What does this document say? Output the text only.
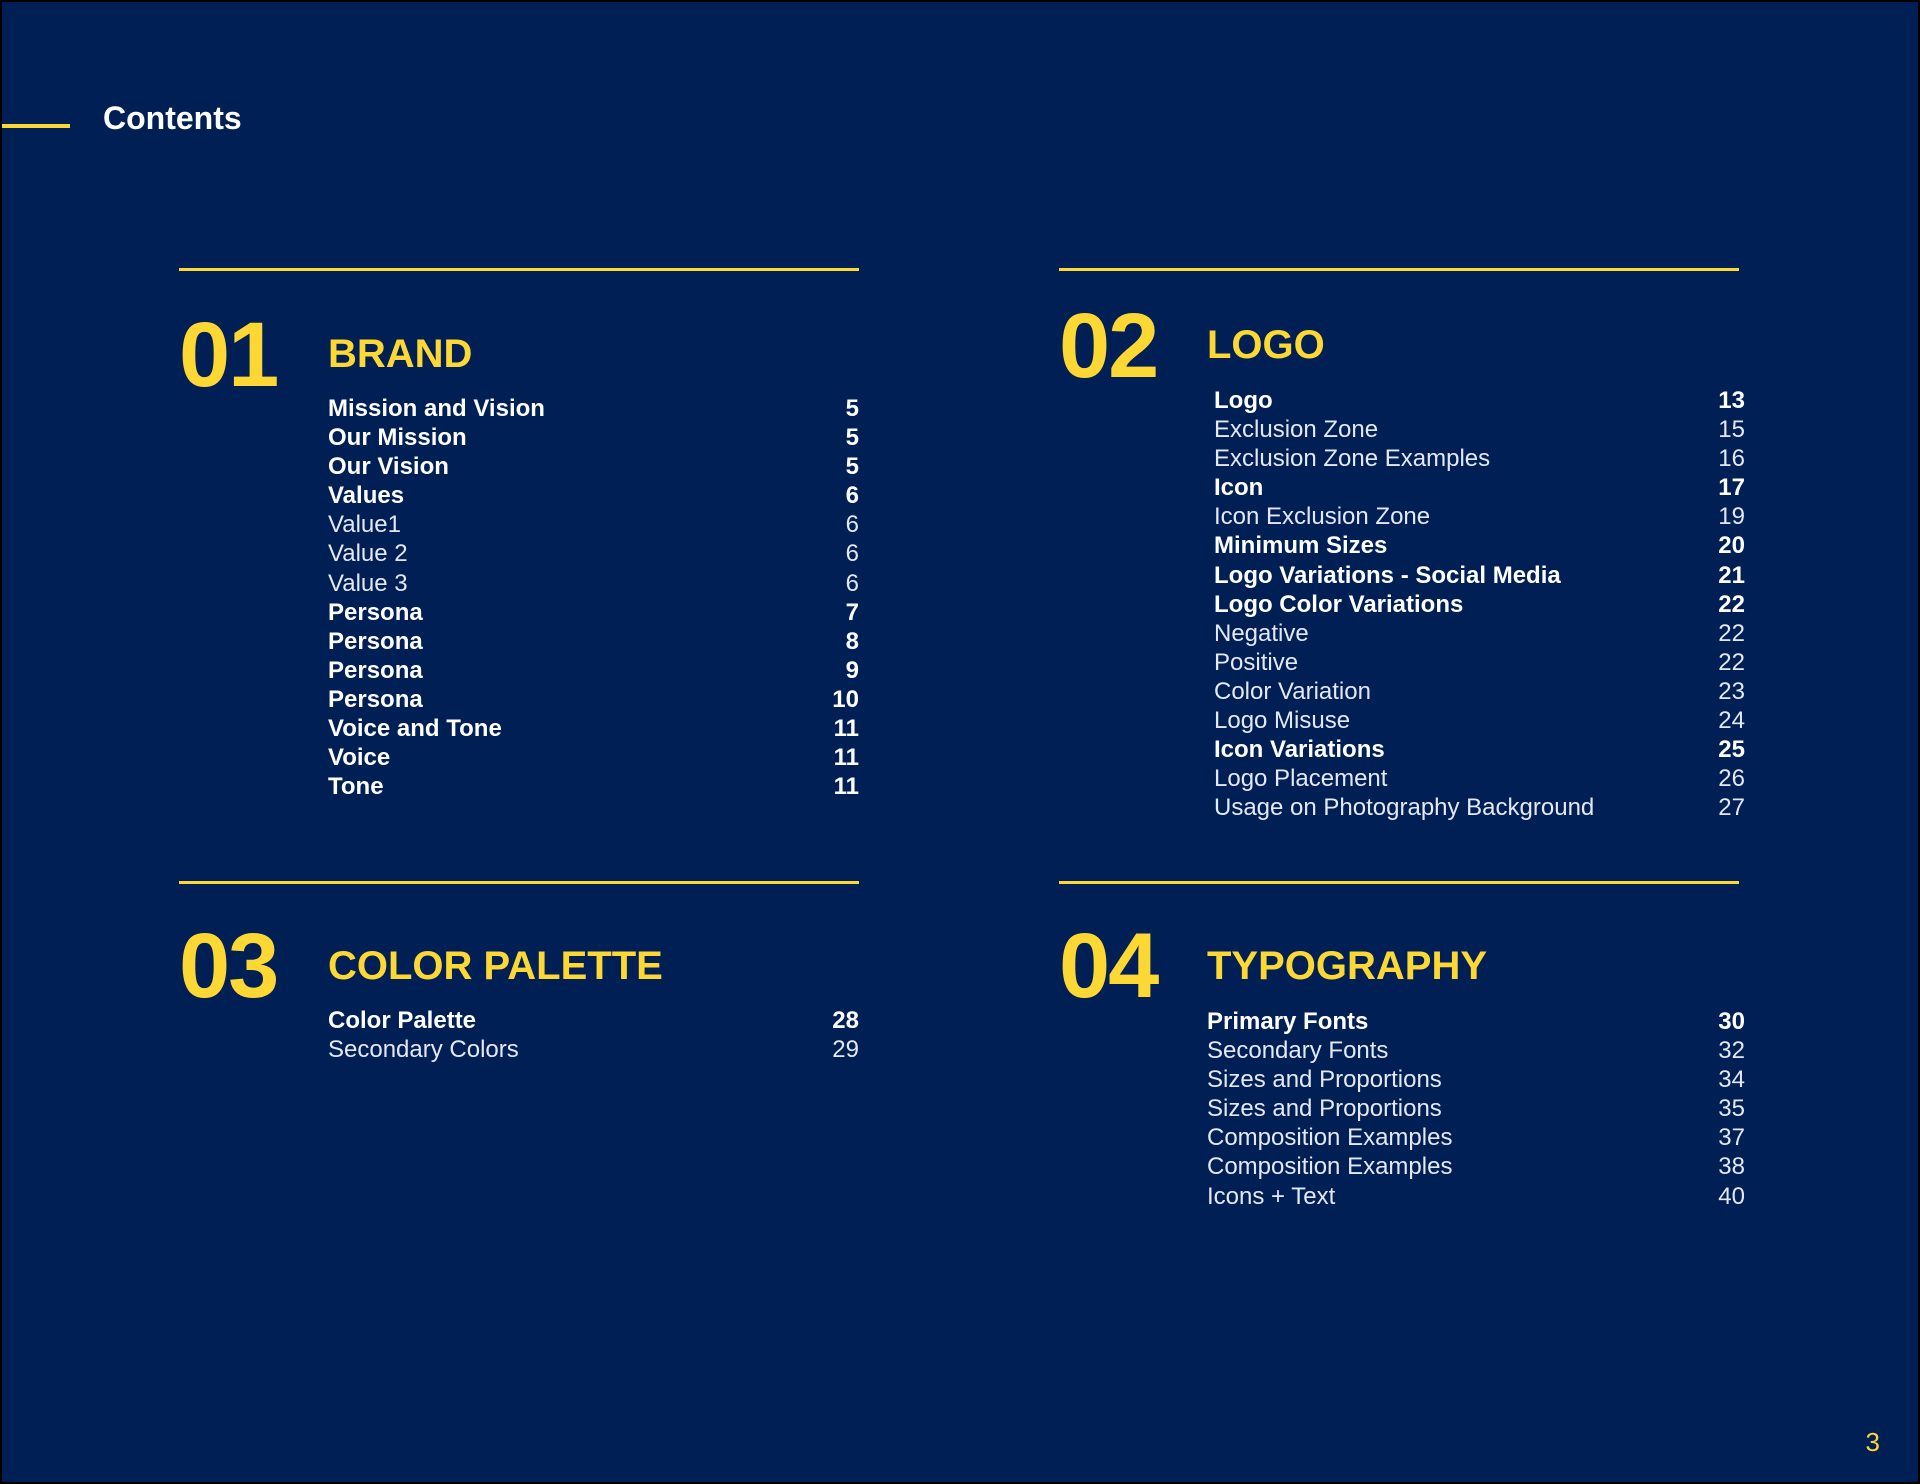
Contents
01 BRAND
Mission and Vision	5
Our Mission	5
Our Vision	5
Values	6
Value1	6
Value 2	6
Value 3	6
Persona	7
Persona	8
Persona	9
Persona	10
Voice and Tone	11
Voice	11
Tone	11
02 LOGO
Logo	13
Exclusion Zone	15
Exclusion Zone Examples	16
Icon	17
Icon Exclusion Zone	19
Minimum Sizes	20
Logo Variations - Social Media	21
Logo Color Variations	22
Negative	22
Positive	22
Color Variation	23
Logo Misuse	24
Icon Variations	25
Logo Placement	26
Usage on Photography Background	27
03 COLOR PALETTE
Color Palette	28
Secondary Colors	29
04 TYPOGRAPHY
Primary Fonts	30
Secondary Fonts	32
Sizes and Proportions	34
Sizes and Proportions	35
Composition Examples	37
Composition Examples	38
Icons + Text	40
3
